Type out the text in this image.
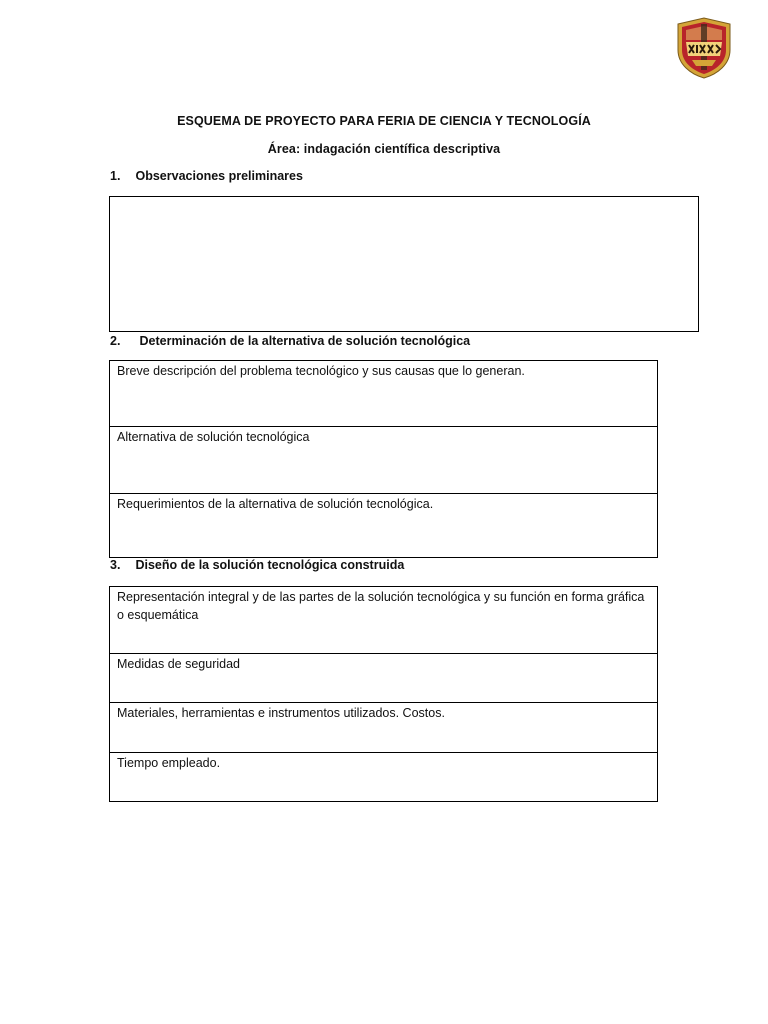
ESQUEMA DE PROYECTO PARA FERIA DE CIENCIA Y TECNOLOGÍA
Área: indagación científica descriptiva
1. Observaciones preliminares
2. Determinación de la alternativa de solución tecnológica
Breve descripción del problema tecnológico y sus causas que lo generan.
Alternativa de solución tecnológica
Requerimientos de la alternativa de solución tecnológica.
3. Diseño de la solución tecnológica construida
Representación integral y de las partes de la solución tecnológica y su función en forma gráfica o esquemática
Medidas de seguridad
Materiales, herramientas e instrumentos utilizados. Costos.
Tiempo empleado.
